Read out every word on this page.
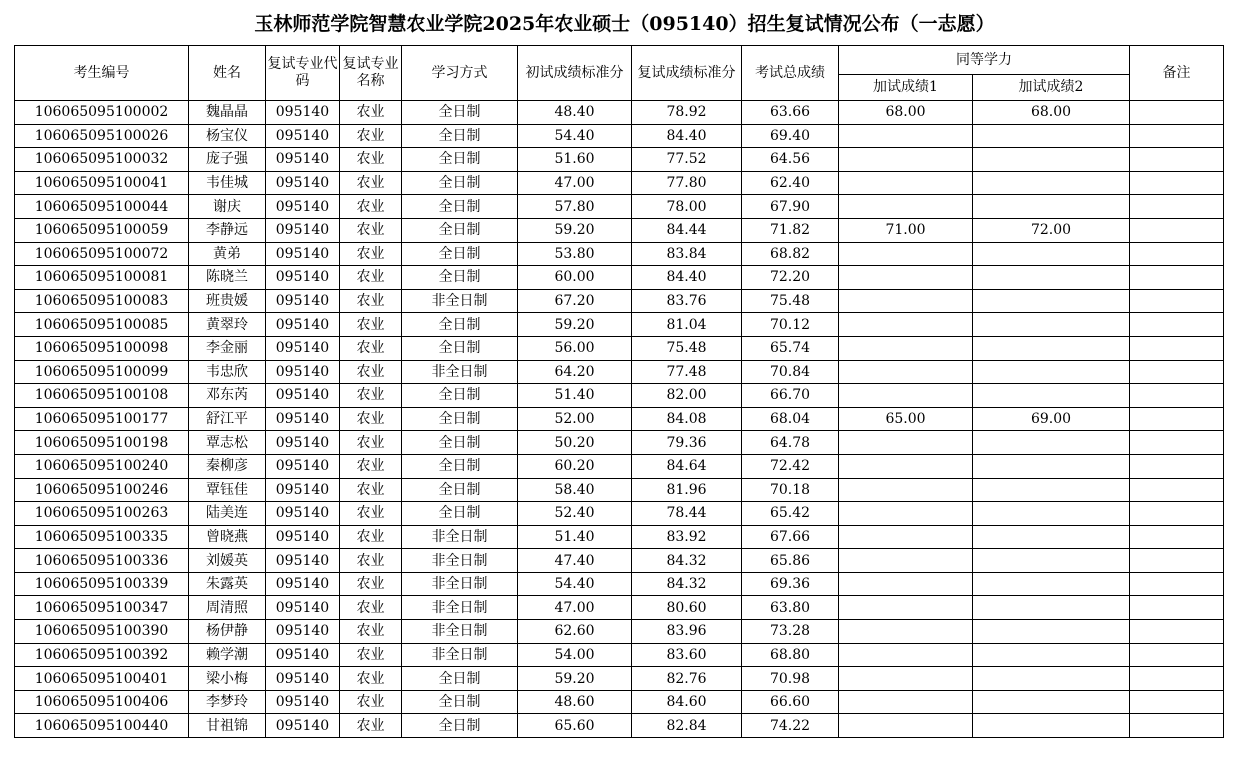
玉林师范学院智慧农业学院2025年农业硕士（095140）招生复试情况公布（一志愿）
考生编号	姓名	复试专业代码	复试专业名称	学习方式	初试成绩标准分	复试成绩标准分	考试总成绩	同等学力		备注
								加试成绩1	加试成绩2	
106065095100002	魏晶晶	095140	农业	全日制	48.40	78.92	63.66	68.00	68.00	
106065095100026	杨宝仪	095140	农业	全日制	54.40	84.40	69.40			
106065095100032	庞子强	095140	农业	全日制	51.60	77.52	64.56			
106065095100041	韦佳城	095140	农业	全日制	47.00	77.80	62.40			
106065095100044	谢庆	095140	农业	全日制	57.80	78.00	67.90			
106065095100059	李静远	095140	农业	全日制	59.20	84.44	71.82	71.00	72.00	
106065095100072	黄弟	095140	农业	全日制	53.80	83.84	68.82			
106065095100081	陈晓兰	095140	农业	全日制	60.00	84.40	72.20			
106065095100083	班贵媛	095140	农业	非全日制	67.20	83.76	75.48			
106065095100085	黄翠玲	095140	农业	全日制	59.20	81.04	70.12			
106065095100098	李金丽	095140	农业	全日制	56.00	75.48	65.74			
106065095100099	韦忠欣	095140	农业	非全日制	64.20	77.48	70.84			
106065095100108	邓东芮	095140	农业	全日制	51.40	82.00	66.70			
106065095100177	舒江平	095140	农业	全日制	52.00	84.08	68.04	65.00	69.00	
106065095100198	覃志松	095140	农业	全日制	50.20	79.36	64.78			
106065095100240	秦柳彦	095140	农业	全日制	60.20	84.64	72.42			
106065095100246	覃钰佳	095140	农业	全日制	58.40	81.96	70.18			
106065095100263	陆美连	095140	农业	全日制	52.40	78.44	65.42			
106065095100335	曾晓燕	095140	农业	非全日制	51.40	83.92	67.66			
106065095100336	刘媛英	095140	农业	非全日制	47.40	84.32	65.86			
106065095100339	朱露英	095140	农业	非全日制	54.40	84.32	69.36			
106065095100347	周清照	095140	农业	非全日制	47.00	80.60	63.80			
106065095100390	杨伊静	095140	农业	非全日制	62.60	83.96	73.28			
106065095100392	赖学潮	095140	农业	非全日制	54.00	83.60	68.80			
106065095100401	梁小梅	095140	农业	全日制	59.20	82.76	70.98			
106065095100406	李梦玲	095140	农业	全日制	48.60	84.60	66.60			
106065095100440	甘祖锦	095140	农业	全日制	65.60	82.84	74.22			
